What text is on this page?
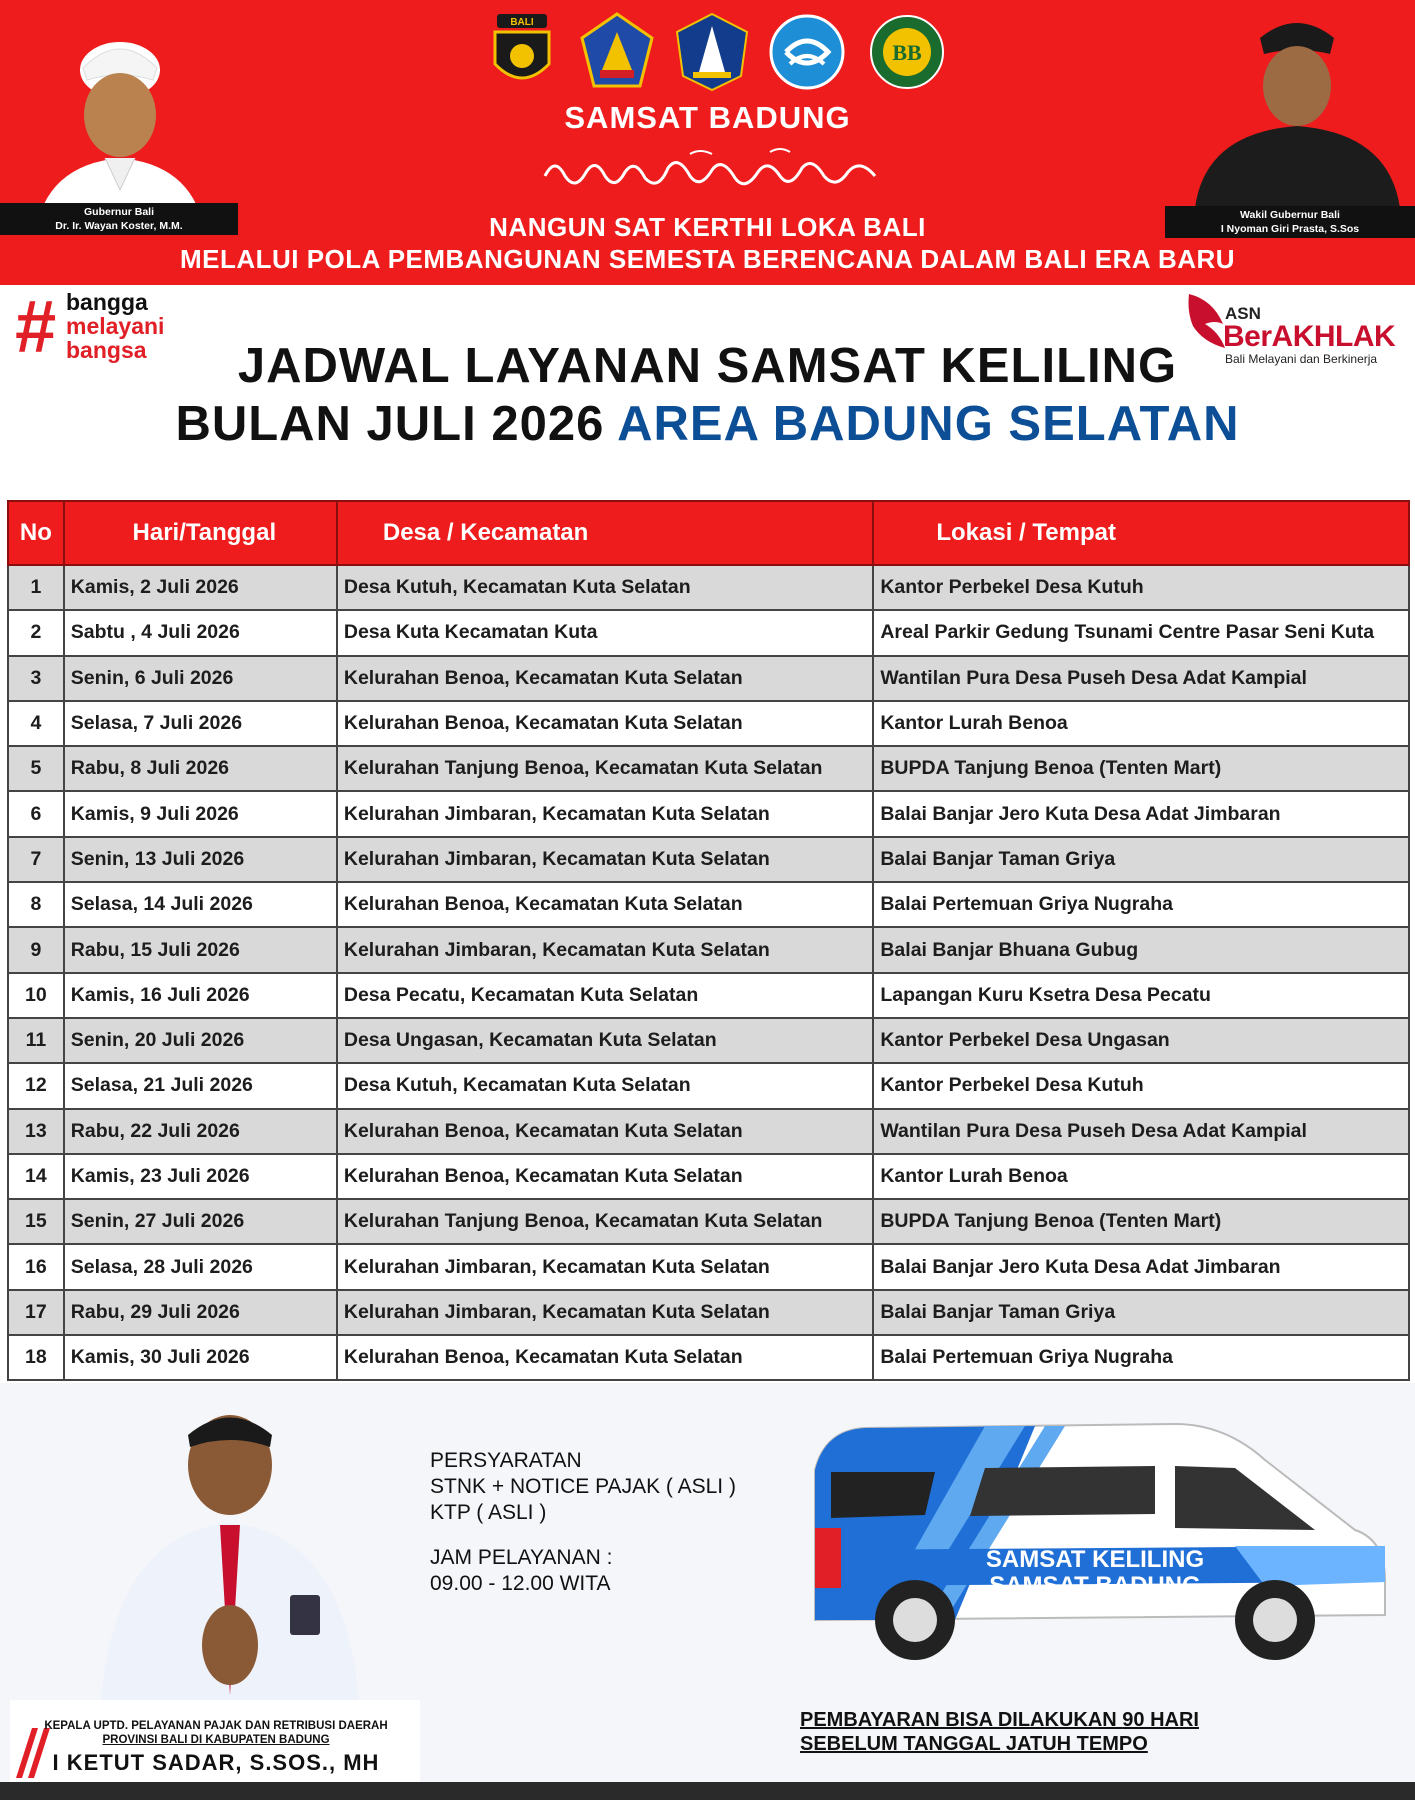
Gubernur Bali
Dr. Ir. Wayan Koster, M.M.
BALI
BB
SAMSAT BADUNG
NANGUN SAT KERTHI LOKA BALI
MELALUI POLA PEMBANGUNAN SEMESTA BERENCANA DALAM BALI ERA BARU
Wakil Gubernur Bali
I Nyoman Giri Prasta, S.Sos
# bangga
melayani
bangsa
ASN
BerAKHLAK
Bali Melayani dan Berkinerja
JADWAL LAYANAN SAMSAT KELILING
BULAN JULI 2026 AREA BADUNG SELATAN
No	Hari/Tanggal	Desa / Kecamatan	Lokasi / Tempat
1	Kamis, 2 Juli 2026	Desa Kutuh, Kecamatan Kuta Selatan	Kantor Perbekel Desa Kutuh
2	Sabtu , 4 Juli 2026	Desa Kuta Kecamatan Kuta	Areal Parkir Gedung Tsunami Centre Pasar Seni Kuta
3	Senin, 6 Juli 2026	Kelurahan Benoa, Kecamatan Kuta Selatan	Wantilan Pura Desa Puseh Desa Adat Kampial
4	Selasa, 7 Juli 2026	Kelurahan Benoa, Kecamatan Kuta Selatan	Kantor Lurah Benoa
5	Rabu, 8 Juli 2026	Kelurahan Tanjung Benoa, Kecamatan Kuta Selatan	BUPDA Tanjung Benoa (Tenten Mart)
6	Kamis, 9 Juli 2026	Kelurahan Jimbaran, Kecamatan Kuta Selatan	Balai Banjar Jero Kuta Desa Adat Jimbaran
7	Senin, 13 Juli 2026	Kelurahan Jimbaran, Kecamatan Kuta Selatan	Balai Banjar Taman Griya
8	Selasa, 14 Juli 2026	Kelurahan Benoa, Kecamatan Kuta Selatan	Balai Pertemuan Griya Nugraha
9	Rabu, 15 Juli 2026	Kelurahan Jimbaran, Kecamatan Kuta Selatan	Balai Banjar Bhuana Gubug
10	Kamis, 16 Juli 2026	Desa Pecatu, Kecamatan Kuta Selatan	Lapangan Kuru Ksetra Desa Pecatu
11	Senin, 20 Juli 2026	Desa Ungasan, Kecamatan Kuta Selatan	Kantor Perbekel Desa Ungasan
12	Selasa, 21 Juli 2026	Desa Kutuh, Kecamatan Kuta Selatan	Kantor Perbekel Desa Kutuh
13	Rabu, 22 Juli 2026	Kelurahan Benoa, Kecamatan Kuta Selatan	Wantilan Pura Desa Puseh Desa Adat Kampial
14	Kamis, 23 Juli 2026	Kelurahan Benoa, Kecamatan Kuta Selatan	Kantor Lurah Benoa
15	Senin, 27 Juli 2026	Kelurahan Tanjung Benoa, Kecamatan Kuta Selatan	BUPDA Tanjung Benoa (Tenten Mart)
16	Selasa, 28 Juli 2026	Kelurahan Jimbaran, Kecamatan Kuta Selatan	Balai Banjar Jero Kuta Desa Adat Jimbaran
17	Rabu, 29 Juli 2026	Kelurahan Jimbaran, Kecamatan Kuta Selatan	Balai Banjar Taman Griya
18	Kamis, 30 Juli 2026	Kelurahan Benoa, Kecamatan Kuta Selatan	Balai Pertemuan Griya Nugraha
KEPALA UPTD. PELAYANAN PAJAK DAN RETRIBUSI DAERAH
PROVINSI BALI DI KABUPATEN BADUNG
I KETUT SADAR, S.SOS., MH
PERSYARATAN
STNK + NOTICE PAJAK ( ASLI )
KTP ( ASLI )
JAM PELAYANAN :
09.00 - 12.00 WITA
SAMSAT KELILING
SAMSAT BADUNG
PEMBAYARAN BISA DILAKUKAN 90 HARI
SEBELUM TANGGAL JATUH TEMPO
